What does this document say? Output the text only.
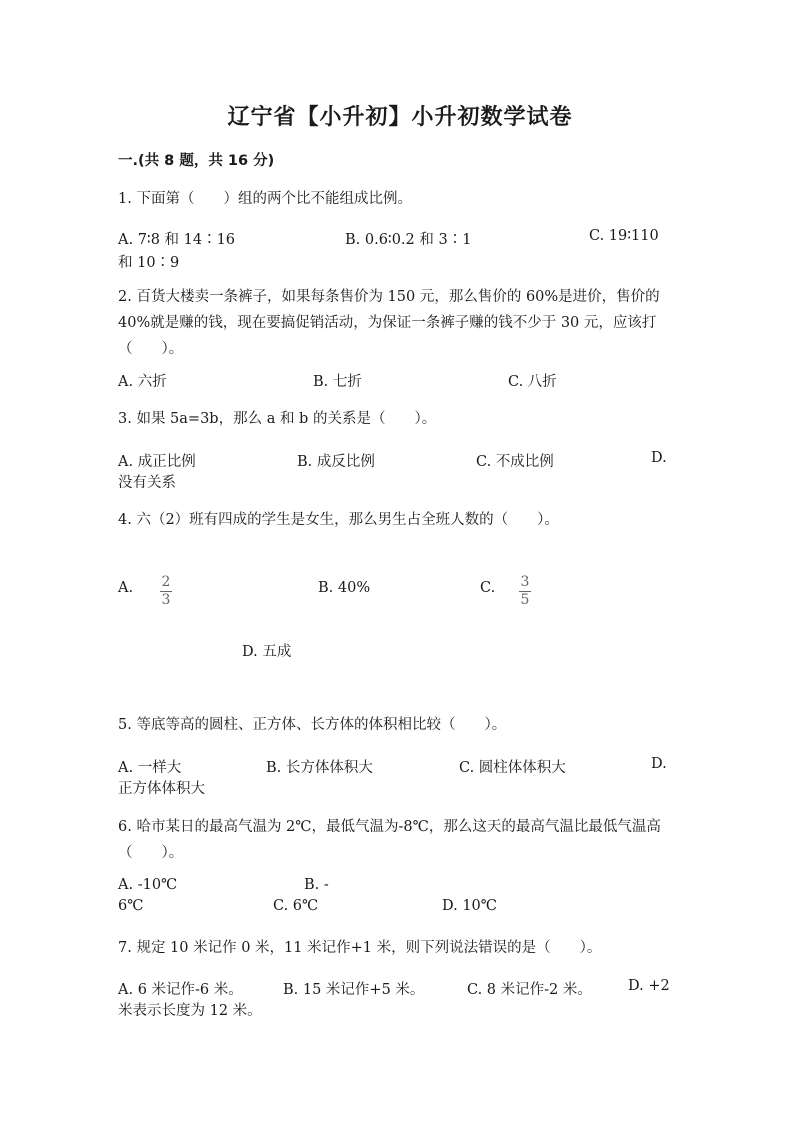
辽宁省【小升初】小升初数学试卷
一.(共 8 题，共 16 分)
1. 下面第（　　）组的两个比不能组成比例。
A. 7∶8 和 14∶16	B. 0.6∶0.2 和 3∶1	C. 19∶110
和 10∶9
2. 百货大楼卖一条裤子，如果每条售价为 150 元，那么售价的 60%是进价，售价的 40%就是赚的钱，现在要搞促销活动，为保证一条裤子赚的钱不少于 30 元，应该打（　　）。
A. 六折	B. 七折	C. 八折
3. 如果 5a=3b，那么 a 和 b 的关系是（　　）。
A. 成正比例	B. 成反比例	C. 不成比例	D.
没有关系
4. 六（2）班有四成的学生是女生，那么男生占全班人数的（　　）。
A. 2
3
B. 40%	C. 3
5
D. 五成
5. 等底等高的圆柱、正方体、长方体的体积相比较（　　）。
A. 一样大	B. 长方体体积大	C. 圆柱体体积大	D.
正方体体积大
6. 哈市某日的最高气温为 2℃，最低气温为-8℃，那么这天的最高气温比最低气温高（　　）。
A. -10℃	B. -
6℃	C. 6℃	D. 10℃
7. 规定 10 米记作 0 米，11 米记作+1 米，则下列说法错误的是（　　）。
A. 6 米记作-6 米。	B. 15 米记作+5 米。	C. 8 米记作-2 米。 D. +2
米表示长度为 12 米。
